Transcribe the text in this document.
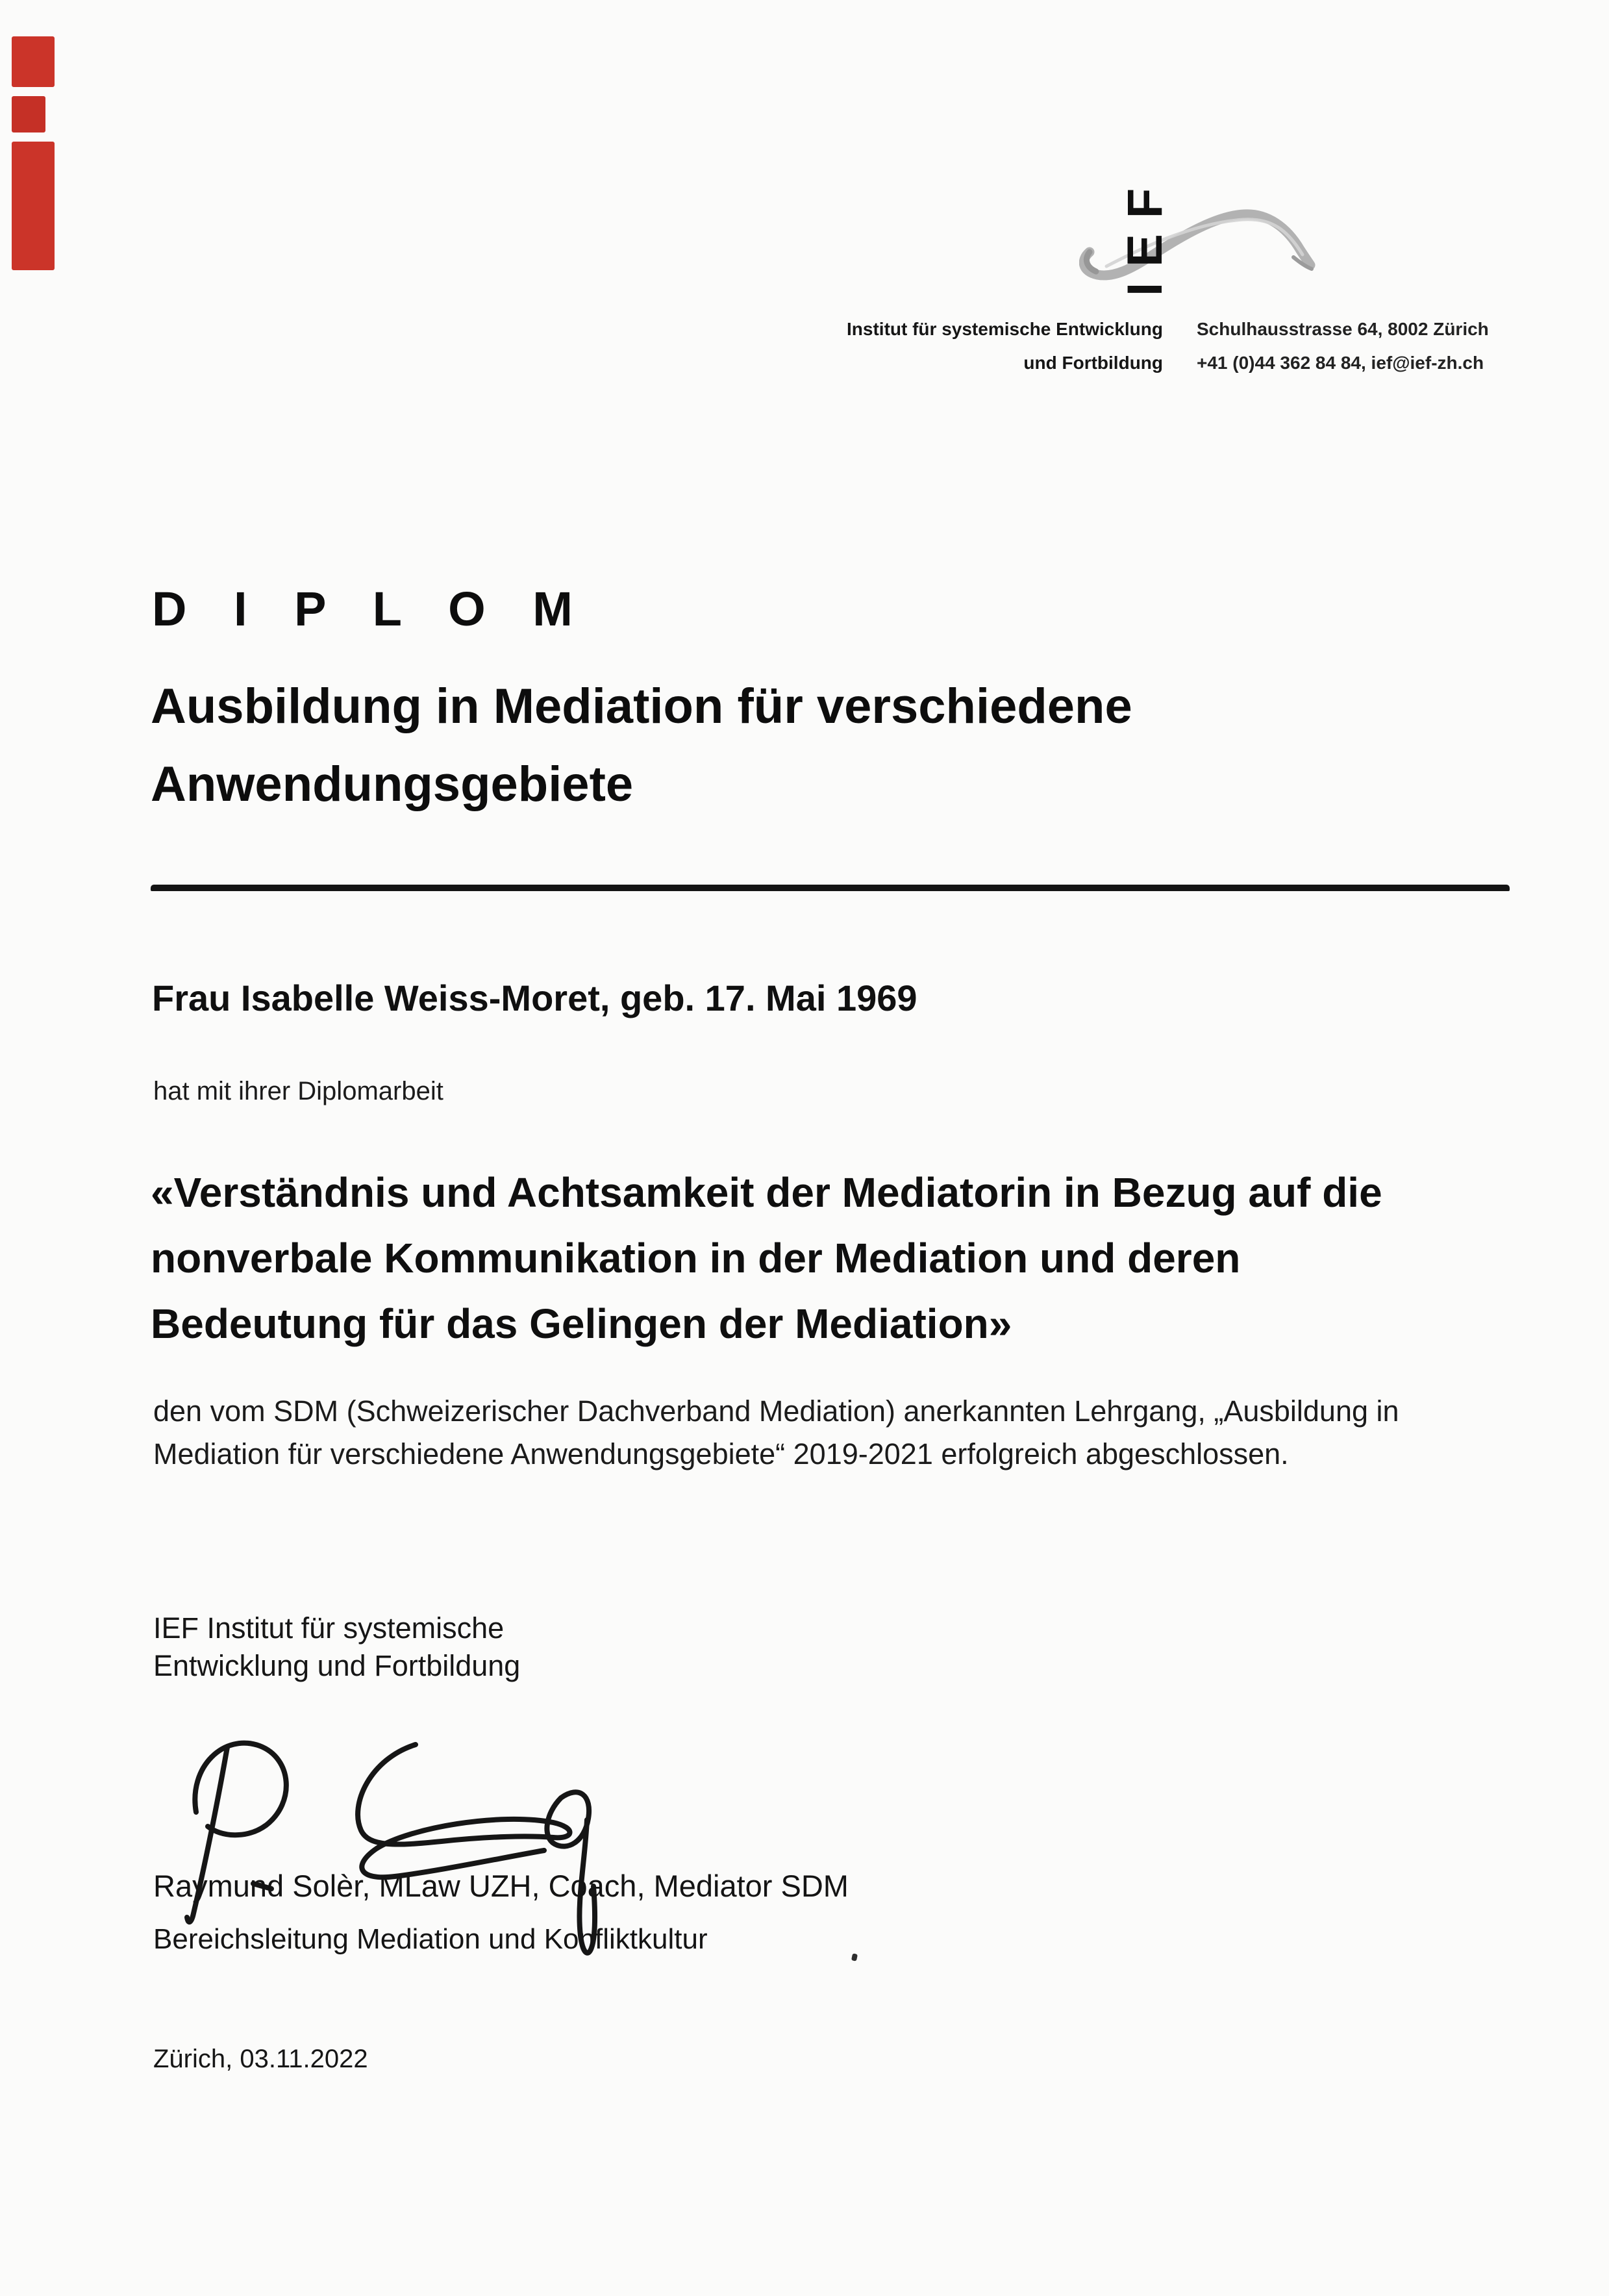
IEF
Institut für systemische Entwicklung
und Fortbildung
Schulhausstrasse 64, 8002 Zürich
+41 (0)44 362 84 84, ief@ief-zh.ch
D I P L O M
Ausbildung in Mediation für verschiedene
Anwendungsgebiete
Frau Isabelle Weiss-Moret, geb. 17. Mai 1969
hat mit ihrer Diplomarbeit
«Verständnis und Achtsamkeit der Mediatorin in Bezug auf die
nonverbale Kommunikation in der Mediation und deren
Bedeutung für das Gelingen der Mediation»
den vom SDM (Schweizerischer Dachverband Mediation) anerkannten Lehrgang, „Ausbildung in
Mediation für verschiedene Anwendungsgebiete“ 2019-2021 erfolgreich abgeschlossen.
IEF Institut für systemische
Entwicklung und Fortbildung
Raymund Solèr, MLaw UZH, Coach, Mediator SDM
Bereichsleitung Mediation und Konfliktkultur
Zürich, 03.11.2022
